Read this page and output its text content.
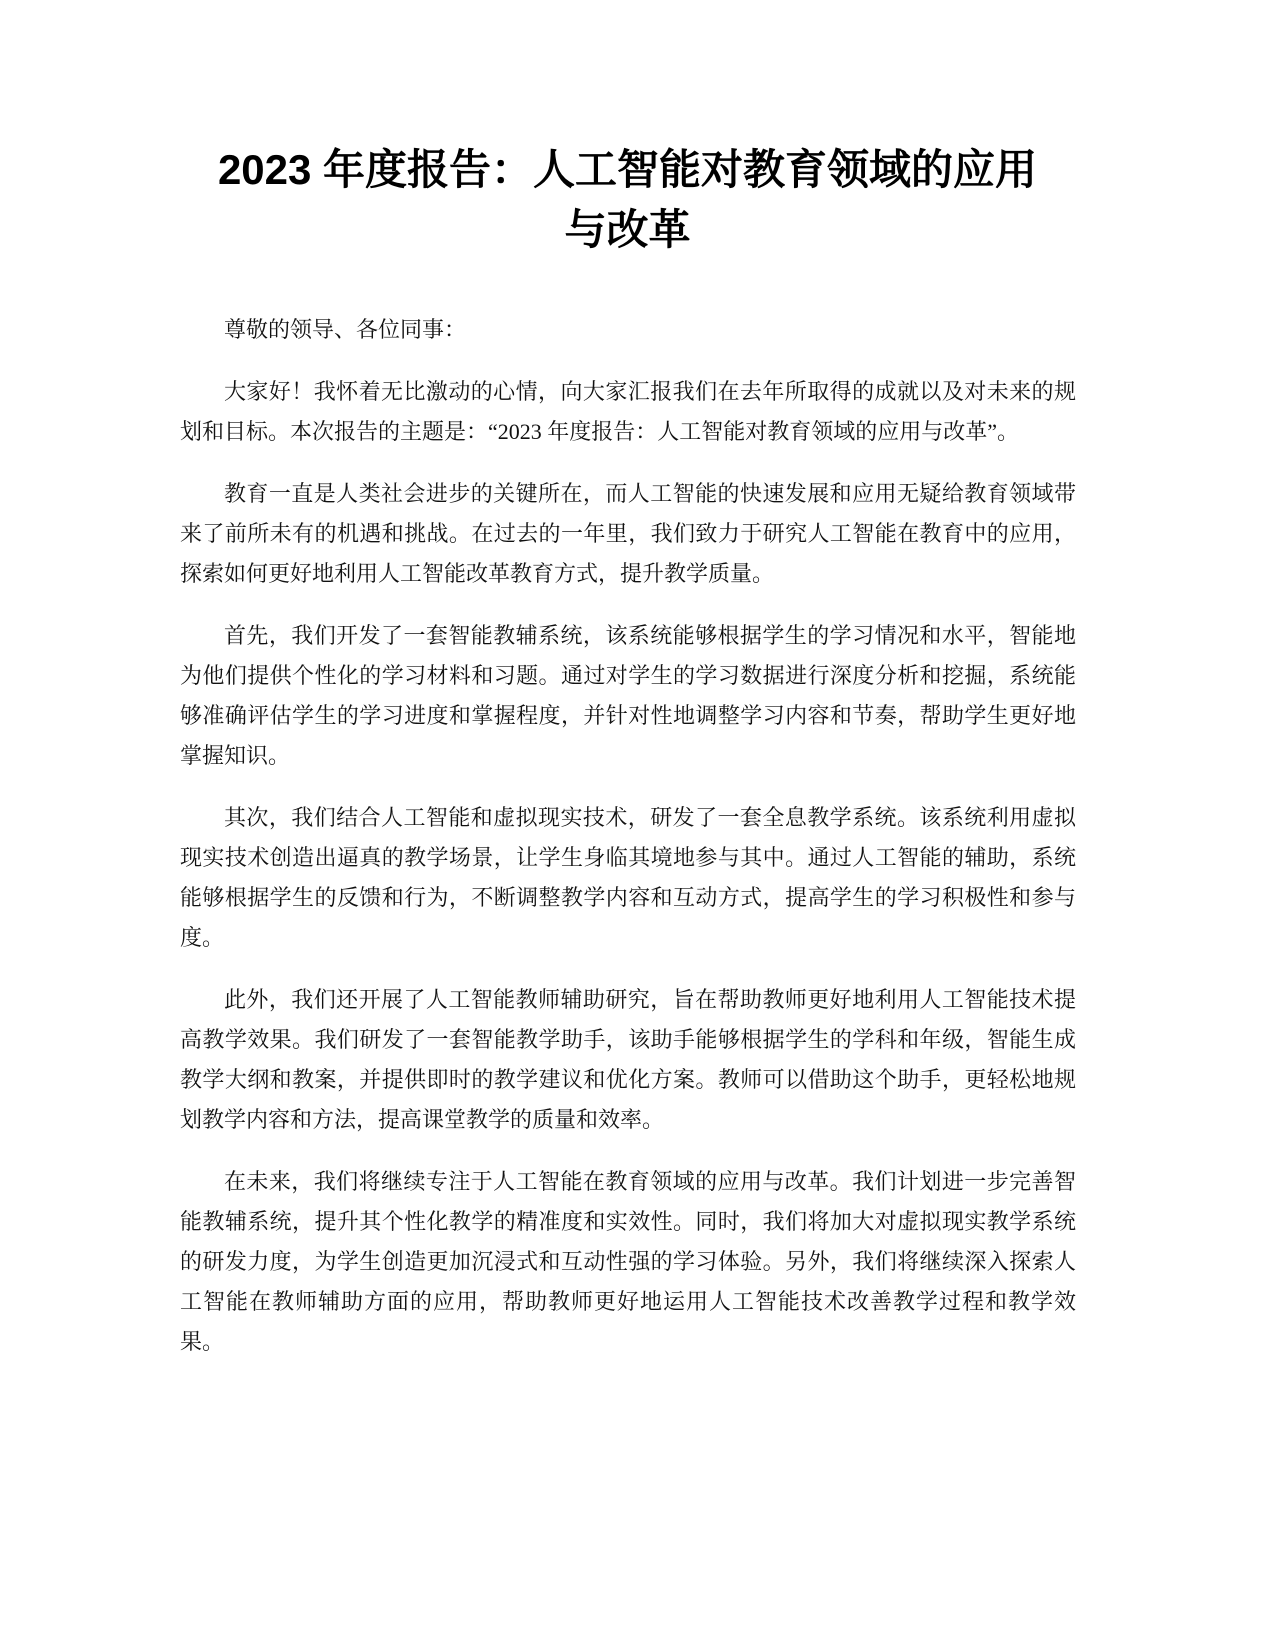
2023 年度报告：人工智能对教育领域的应用
与改革

尊敬的领导、各位同事：

大家好！我怀着无比激动的心情，向大家汇报我们在去年所取得的成就以及对未来的规划和目标。本次报告的主题是：“2023 年度报告：人工智能对教育领域的应用与改革”。

教育一直是人类社会进步的关键所在，而人工智能的快速发展和应用无疑给教育领域带来了前所未有的机遇和挑战。在过去的一年里，我们致力于研究人工智能在教育中的应用，探索如何更好地利用人工智能改革教育方式，提升教学质量。

首先，我们开发了一套智能教辅系统，该系统能够根据学生的学习情况和水平，智能地为他们提供个性化的学习材料和习题。通过对学生的学习数据进行深度分析和挖掘，系统能够准确评估学生的学习进度和掌握程度，并针对性地调整学习内容和节奏，帮助学生更好地掌握知识。

其次，我们结合人工智能和虚拟现实技术，研发了一套全息教学系统。该系统利用虚拟现实技术创造出逼真的教学场景，让学生身临其境地参与其中。通过人工智能的辅助，系统能够根据学生的反馈和行为，不断调整教学内容和互动方式，提高学生的学习积极性和参与度。

此外，我们还开展了人工智能教师辅助研究，旨在帮助教师更好地利用人工智能技术提高教学效果。我们研发了一套智能教学助手，该助手能够根据学生的学科和年级，智能生成教学大纲和教案，并提供即时的教学建议和优化方案。教师可以借助这个助手，更轻松地规划教学内容和方法，提高课堂教学的质量和效率。

在未来，我们将继续专注于人工智能在教育领域的应用与改革。我们计划进一步完善智能教辅系统，提升其个性化教学的精准度和实效性。同时，我们将加大对虚拟现实教学系统的研发力度，为学生创造更加沉浸式和互动性强的学习体验。另外，我们将继续深入探索人工智能在教师辅助方面的应用，帮助教师更好地运用人工智能技术改善教学过程和教学效果。
